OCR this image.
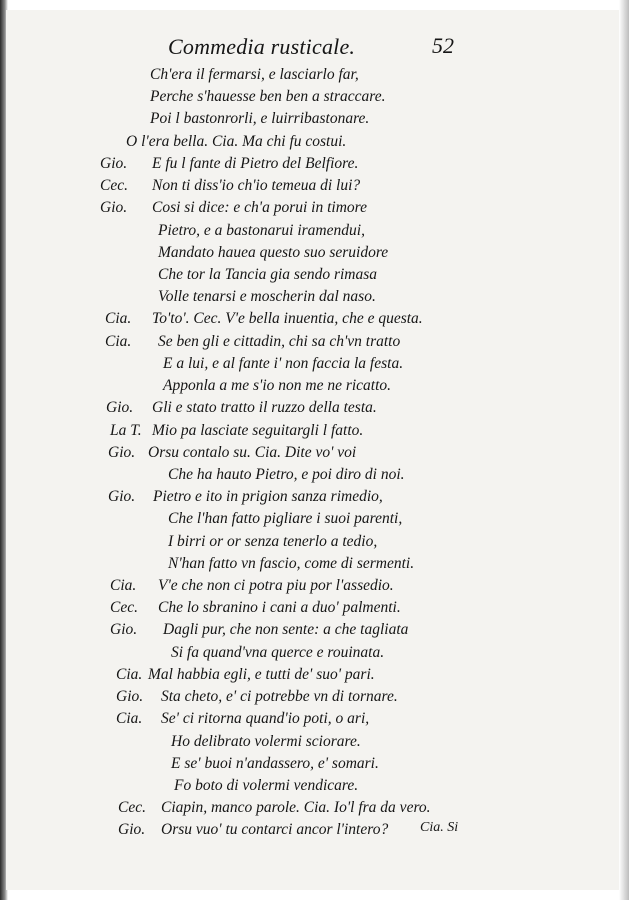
Commedia rusticale.	52
Ch'era il fermarsi, e lasciarlo far,
Perche s'hauesse ben ben a straccare.
Poi l bastonrorli, e luirribastonare.
O l'era bella. Cia. Ma chi fu costui.
Gio. E fu l fante di Pietro del Belfiore.
Cec. Non ti diss'io ch'io temeua di lui?
Gio. Cosi si dice: e ch'a porui in timore
Pietro, e a bastonarui iramendui,
Mandato hauea questo suo seruidore
Che tor la Tancia gia sendo rimasa
Volle tenarsi e moscherin dal naso.
Cia. To'to'. Cec. V'e bella inuentia, che e questa.
Cia. Se ben gli e cittadin, chi sa ch'vn tratto
E a lui, e al fante i' non faccia la festa.
Apponla a me s'io non me ne ricatto.
Gio. Gli e stato tratto il ruzzo della testa.
La T. Mio pa lasciate seguitargli l fatto.
Gio. Orsu contalo su. Cia. Dite vo' voi
Che ha hauto Pietro, e poi diro di noi.
Gio. Pietro e ito in prigion sanza rimedio,
Che l'han fatto pigliare i suoi parenti,
I birri or or senza tenerlo a tedio,
N'han fatto vn fascio, come di sermenti.
Cia. V'e che non ci potra piu por l'assedio.
Cec. Che lo sbranino i cani a duo' palmenti.
Gio. Dagli pur, che non sente: a che tagliata
Si fa quand'vna querce e rouinata.
Cia. Mal habbia egli, e tutti de' suo' pari.
Gio. Sta cheto, e' ci potrebbe vn di tornare.
Cia. Se' ci ritorna quand'io poti, o ari,
Ho delibrato volermi sciorare.
E se' buoi n'andassero, e' somari.
Fo boto di volermi vendicare.
Cec. Ciapin, manco parole. Cia. Io'l fra da vero.
Gio. Orsu vuo' tu contarci ancor l'intero? Cia. Si
